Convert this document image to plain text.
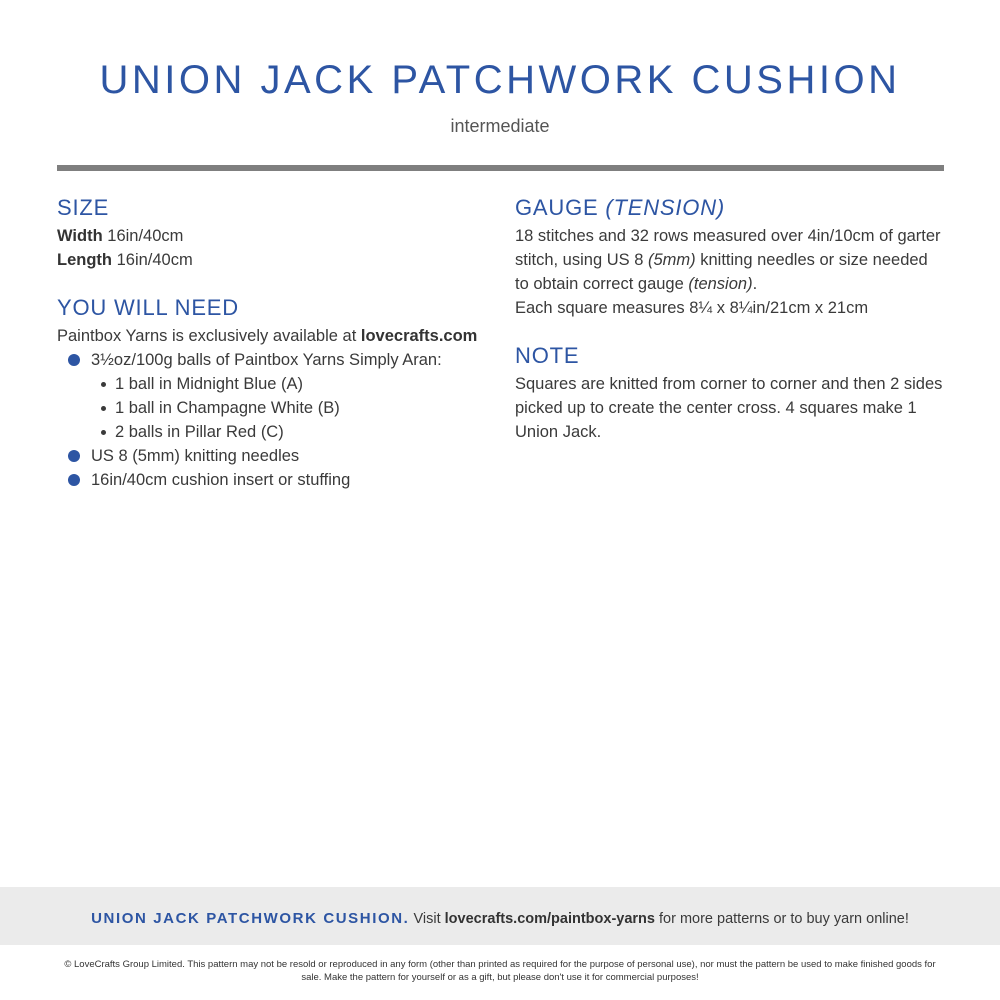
UNION JACK PATCHWORK CUSHION

intermediate

SIZE

Width 16in/40cm

Length 16in/40cm

YOU WILL NEED

Paintbox Yarns is exclusively available at lovecrafts.com

3½oz/100g balls of Paintbox Yarns Simply Aran:
1 ball in Midnight Blue (A)
1 ball in Champagne White (B)
2 balls in Pillar Red (C)
US 8 (5mm) knitting needles
16in/40cm cushion insert or stuffing
GAUGE (TENSION)

18 stitches and 32 rows measured over 4in/10cm of garter stitch, using US 8 (5mm) knitting needles or size needed to obtain correct gauge (tension).

Each square measures 8¼ x 8¼in/21cm x 21cm

NOTE

Squares are knitted from corner to corner and then 2 sides picked up to create the center cross. 4 squares make 1 Union Jack.

UNION JACK PATCHWORK CUSHION. Visit lovecrafts.com/paintbox-yarns for more patterns or to buy yarn online!

© LoveCrafts Group Limited. This pattern may not be resold or reproduced in any form (other than printed as required for the purpose of personal use), nor must the pattern be used to make finished goods for sale. Make the pattern for yourself or as a gift, but please don't use it for commercial purposes!
